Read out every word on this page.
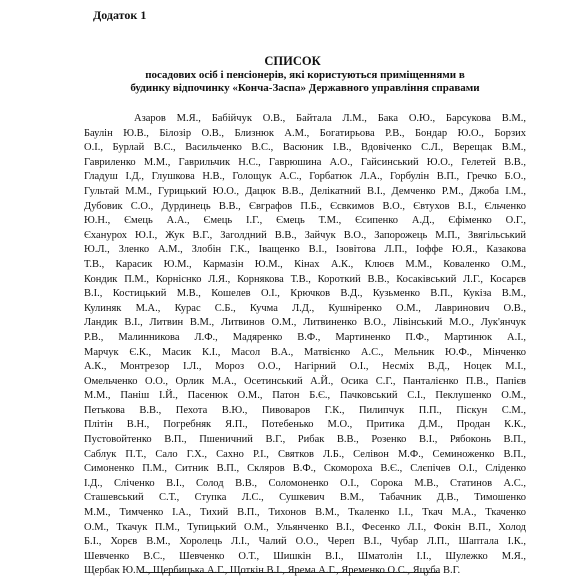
Додаток 1
СПИСОК
посадових осіб і пенсіонерів, які користуються приміщеннями в
будинку відпочинку «Конча-Заспа» Державного управління справами
Азаров М.Я., Бабійчук О.В., Байтала Л.М., Бака О.Ю., Барсукова В.М.,
Баулін Ю.В., Білозір О.В., Близнюк А.М., Богатирьова Р.В., Бондар Ю.О., Борзих
О.І., Бурлай В.С., Васильченко В.С., Васюник І.В., Вдовіченко С.Л., Верещак В.М.,
Гавриленко М.М., Гаврильчик Н.С., Гаврюшина А.О., Гайсинський Ю.О., Гелетей В.В.,
Гладуш І.Д., Глушкова Н.В., Голощук А.С., Горбатюк Л.А., Горбулін В.П., Гречко Б.О.,
Гультай М.М., Гурицький Ю.О., Дацюк В.В., Делікатний В.І., Демченко Р.М., Джоба І.М.,
Дубовик С.О., Дурдинець В.В., Євграфов П.Б., Єсвкимов В.О., Євтухов В.І., Єльченко
Ю.Н., Ємець А.А., Ємець І.Г., Ємець Т.М., Єсипенко А.Д., Єфіменко О.Г.,
Єханурох Ю.І., Жук В.Г., Заголдний В.В., Зайчук В.О., Запорожець М.П., Звягільський
Ю.Л., Зленко А.М., Злобін Г.К., Іващенко В.І., Ізовітова Л.П., Іоффе Ю.Я., Казакова
Т.В., Карасик Ю.М., Кармазін Ю.М., Кінах А.К., Клюєв М.М., Коваленко О.М.,
Кондик П.М., Корніснко Л.Я., Корнякова Т.В., Короткий В.В., Косаківський Л.Г., Косарєв
В.І., Костицький М.В., Кошелев О.І., Крючков В.Д., Кузьменко В.П., Кукіза В.М.,
Кулиняк М.А., Курас С.Б., Кучма Л.Д., Кушніренко О.М., Лавринович О.В.,
Ландик В.І., Литвин В.М., Литвинов О.М., Литвиненко В.О., Лівінський М.О., Лук'янчук
Р.В., Малинникова Л.Ф., Мадяренко В.Ф., Мартиненко П.Ф., Мартинюк А.І.,
Марчук Є.К., Масик К.І., Масол В.А., Матвієнко А.С., Мельник Ю.Ф., Мінченко
А.К., Монтрезор І.Л., Мороз О.О., Нагірний О.І., Несміх В.Д., Ноцек М.І.,
Омельченко О.О., Орлик М.А., Осетинський А.Й., Осика С.Г., Панталієнко П.В., Папієв
М.М., Паніш І.Й., Пасенюк О.М., Патон Б.Є., Пачковський С.І., Пеклушенко О.М.,
Петькова В.В., Пехота В.Ю., Пивоваров Г.К., Пилипчук П.П., Піскун С.М.,
Плітін В.Н., Погребняк Я.П., Потебенько М.О., Притика Д.М., Продан К.К.,
Пустовойтенко В.П., Пшеничний В.Г., Рибак В.В., Розенко В.І., Рябоконь В.П.,
Саблук П.Т., Сало Г.Х., Сахно Р.І., Святков Л.Б., Селівон М.Ф., Семиноженко В.П.,
Симоненко П.М., Ситник В.П., Скляров В.Ф., Скомороха В.Є., Слєпічев О.І., Сліденко
І.Д., Сліченко В.І., Солод В.В., Соломоненко О.І., Сорока М.В., Статинов А.С.,
Сташевський С.Т., Ступка Л.С., Сушкевич В.М., Табачник Д.В., Тимошенко
М.М., Тимченко І.А., Тихий В.П., Тихонов В.М., Ткаленко І.І., Ткач М.А., Ткаченко
О.М., Ткачук П.М., Тупицький О.М., Ульянченко В.І., Фесенко Л.І., Фокін В.П., Холод
Б.І., Хорєв В.М., Хоролець Л.І., Чалий О.О., Череп В.І., Чубар Л.П., Шаптала І.К.,
Шевченко В.С., Шевченко О.Т., Шишкін В.І., Шматолін І.І., Шулежко М.Я.,
Щербак Ю.М., Щербицька А.Г., Щоткін В.І., Ярема А.Г., Яременко О.С., Яцуба В.Г.
